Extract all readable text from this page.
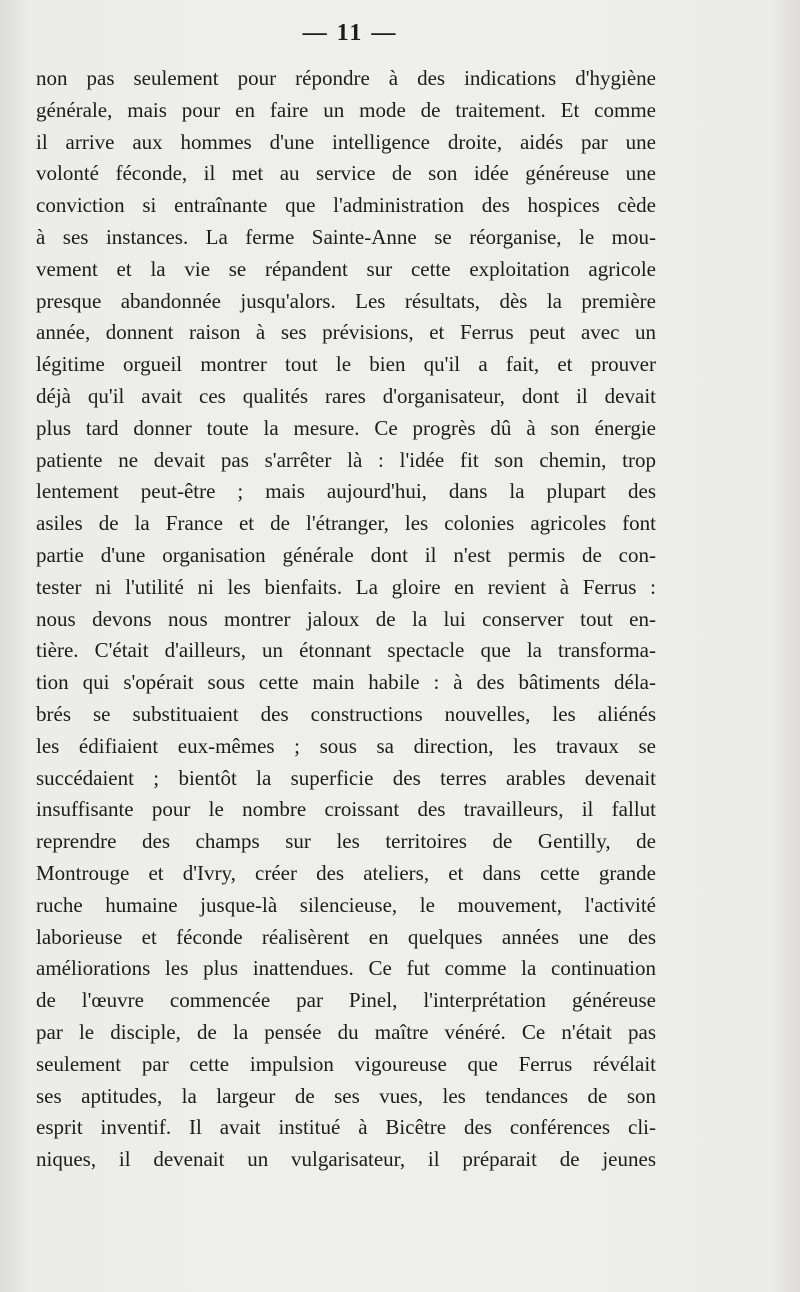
— 11 —
non pas seulement pour répondre à des indications d'hygiène
générale, mais pour en faire un mode de traitement. Et comme
il arrive aux hommes d'une intelligence droite, aidés par une
volonté féconde, il met au service de son idée généreuse une
conviction si entraînante que l'administration des hospices cède
à ses instances. La ferme Sainte-Anne se réorganise, le mou-
vement et la vie se répandent sur cette exploitation agricole
presque abandonnée jusqu'alors. Les résultats, dès la première
année, donnent raison à ses prévisions, et Ferrus peut avec un
légitime orgueil montrer tout le bien qu'il a fait, et prouver
déjà qu'il avait ces qualités rares d'organisateur, dont il devait
plus tard donner toute la mesure. Ce progrès dû à son énergie
patiente ne devait pas s'arrêter là : l'idée fit son chemin, trop
lentement peut-être ; mais aujourd'hui, dans la plupart des
asiles de la France et de l'étranger, les colonies agricoles font
partie d'une organisation générale dont il n'est permis de con-
tester ni l'utilité ni les bienfaits. La gloire en revient à Ferrus :
nous devons nous montrer jaloux de la lui conserver tout en-
tière. C'était d'ailleurs, un étonnant spectacle que la transforma-
tion qui s'opérait sous cette main habile : à des bâtiments déla-
brés se substituaient des constructions nouvelles, les aliénés
les édifiaient eux-mêmes ; sous sa direction, les travaux se
succédaient ; bientôt la superficie des terres arables devenait
insuffisante pour le nombre croissant des travailleurs, il fallut
reprendre des champs sur les territoires de Gentilly, de
Montrouge et d'Ivry, créer des ateliers, et dans cette grande
ruche humaine jusque-là silencieuse, le mouvement, l'activité
laborieuse et féconde réalisèrent en quelques années une des
améliorations les plus inattendues. Ce fut comme la continuation
de l'œuvre commencée par Pinel, l'interprétation généreuse
par le disciple, de la pensée du maître vénéré. Ce n'était pas
seulement par cette impulsion vigoureuse que Ferrus révélait
ses aptitudes, la largeur de ses vues, les tendances de son
esprit inventif. Il avait institué à Bicêtre des conférences cli-
niques, il devenait un vulgarisateur, il préparait de jeunes
